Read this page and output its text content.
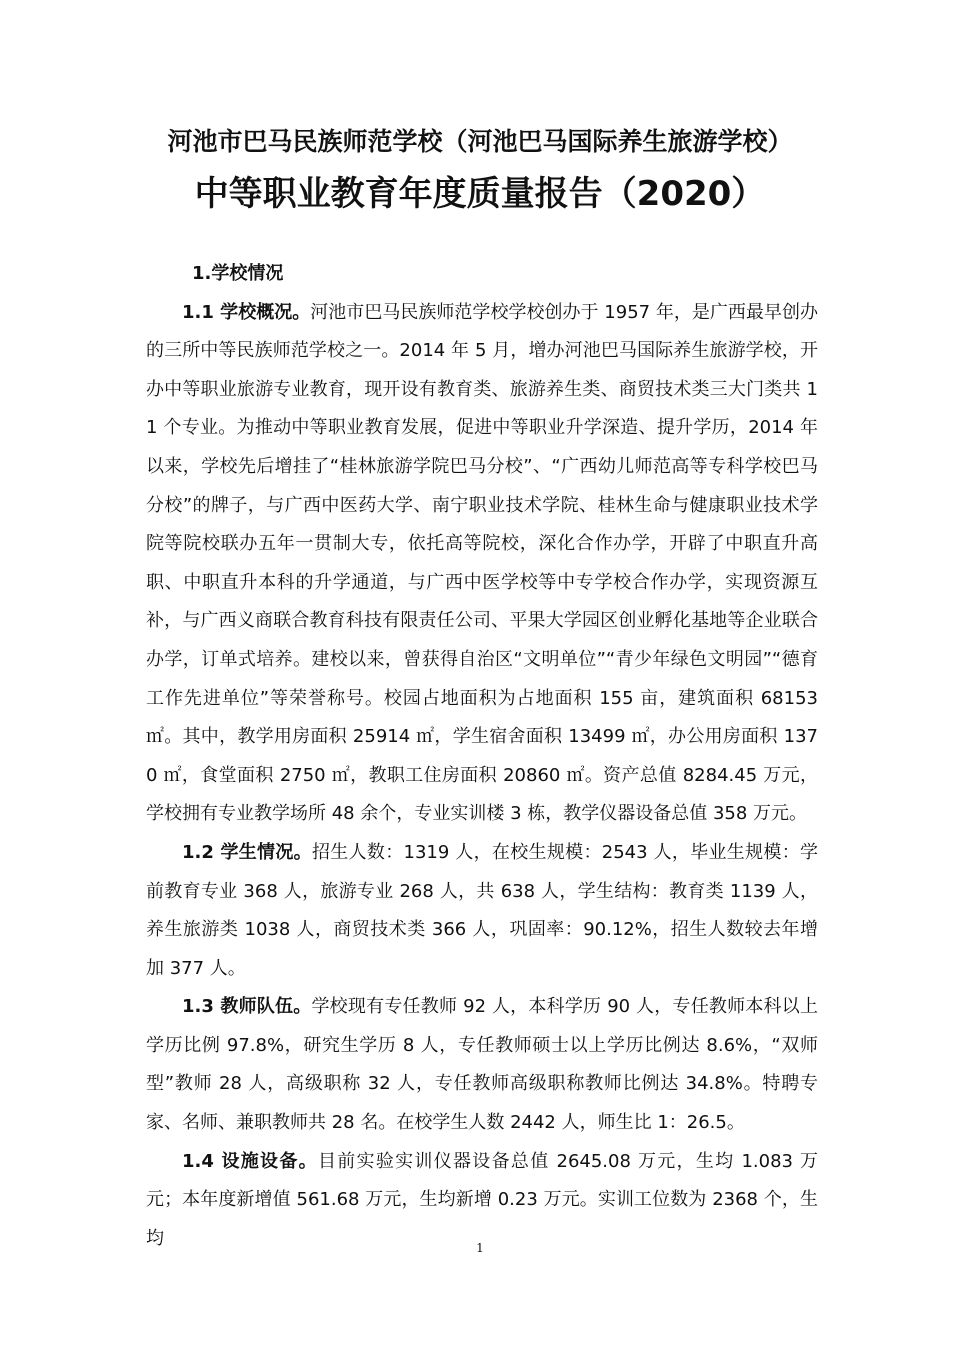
河池市巴马民族师范学校（河池巴马国际养生旅游学校）
中等职业教育年度质量报告（2020）

1.学校情况

1.1 学校概况。河池市巴马民族师范学校学校创办于 1957 年，是广西最早创办的三所中等民族师范学校之一。2014 年 5 月，增办河池巴马国际养生旅游学校，开办中等职业旅游专业教育，现开设有教育类、旅游养生类、商贸技术类三大门类共 11 个专业。为推动中等职业教育发展，促进中等职业升学深造、提升学历，2014 年以来，学校先后增挂了“桂林旅游学院巴马分校”、“广西幼儿师范高等专科学校巴马分校”的牌子，与广西中医药大学、南宁职业技术学院、桂林生命与健康职业技术学院等院校联办五年一贯制大专，依托高等院校，深化合作办学，开辟了中职直升高职、中职直升本科的升学通道，与广西中医学校等中专学校合作办学，实现资源互补，与广西义商联合教育科技有限责任公司、平果大学园区创业孵化基地等企业联合办学，订单式培养。建校以来，曾获得自治区“文明单位”“青少年绿色文明园”“德育工作先进单位”等荣誉称号。校园占地面积为占地面积 155 亩，建筑面积 68153 ㎡。其中，教学用房面积 25914 ㎡，学生宿舍面积 13499 ㎡，办公用房面积 1370 ㎡，食堂面积 2750 ㎡，教职工住房面积 20860 ㎡。资产总值 8284.45 万元，学校拥有专业教学场所 48 余个，专业实训楼 3 栋，教学仪器设备总值 358 万元。

1.2 学生情况。招生人数：1319 人，在校生规模：2543 人，毕业生规模：学前教育专业 368 人，旅游专业 268 人，共 638 人，学生结构：教育类 1139 人，养生旅游类 1038 人，商贸技术类 366 人，巩固率：90.12%，招生人数较去年增加 377 人。

1.3 教师队伍。学校现有专任教师 92 人，本科学历 90 人，专任教师本科以上学历比例 97.8%，研究生学历 8 人，专任教师硕士以上学历比例达 8.6%，“双师型”教师 28 人，高级职称 32 人，专任教师高级职称教师比例达 34.8%。特聘专家、名师、兼职教师共 28 名。在校学生人数 2442 人，师生比 1：26.5。

1.4 设施设备。目前实验实训仪器设备总值 2645.08 万元，生均 1.083 万元；本年度新增值 561.68 万元，生均新增 0.23 万元。实训工位数为 2368 个，生均	1
